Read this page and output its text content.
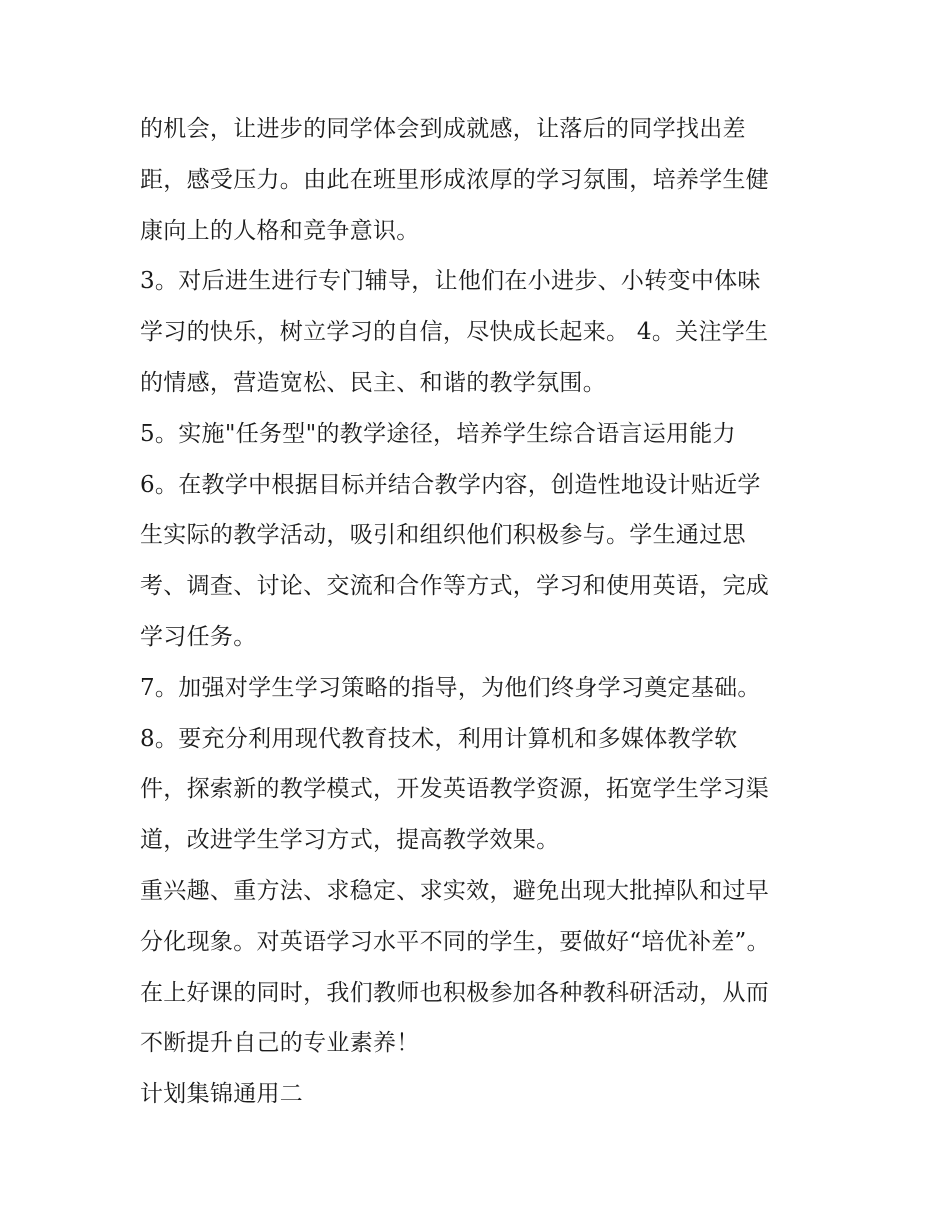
的机会，让进步的同学体会到成就感，让落后的同学找出差
距，感受压力。由此在班里形成浓厚的学习氛围，培养学生健
康向上的人格和竞争意识。
3。对后进生进行专门辅导，让他们在小进步、小转变中体味
学习的快乐，树立学习的自信，尽快成长起来。 4。关注学生
的情感，营造宽松、民主、和谐的教学氛围。
5。实施"任务型"的教学途径，培养学生综合语言运用能力
6。在教学中根据目标并结合教学内容，创造性地设计贴近学
生实际的教学活动，吸引和组织他们积极参与。学生通过思
考、调查、讨论、交流和合作等方式，学习和使用英语，完成
学习任务。
7。加强对学生学习策略的指导，为他们终身学习奠定基础。
8。要充分利用现代教育技术，利用计算机和多媒体教学软
件，探索新的教学模式，开发英语教学资源，拓宽学生学习渠
道，改进学生学习方式，提高教学效果。
重兴趣、重方法、求稳定、求实效，避免出现大批掉队和过早
分化现象。对英语学习水平不同的学生，要做好“培优补差”。
在上好课的同时，我们教师也积极参加各种教科研活动，从而
不断提升自己的专业素养！
计划集锦通用二
